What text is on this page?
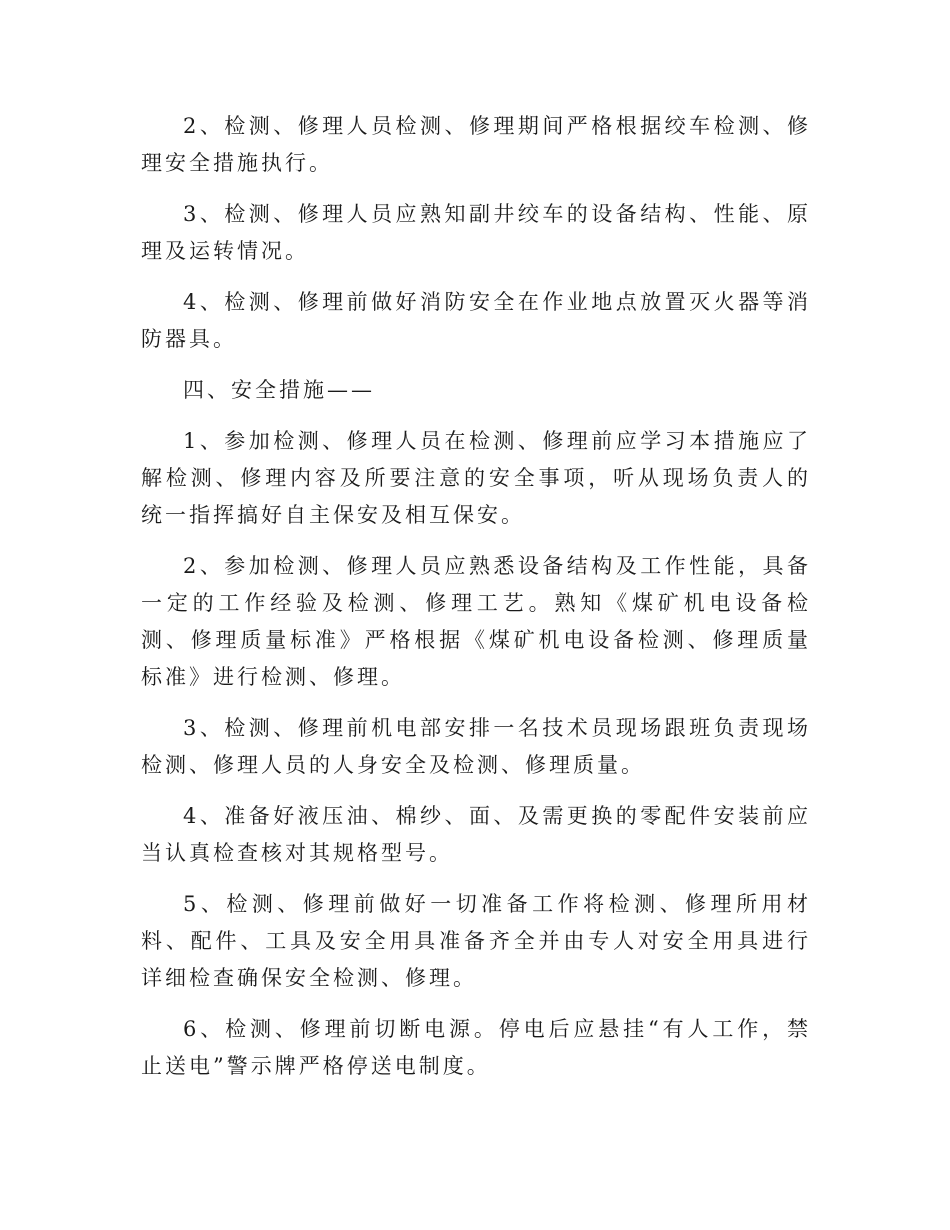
2、检测、修理人员检测、修理期间严格根据绞车检测、修理安全措施执行。

3、检测、修理人员应熟知副井绞车的设备结构、性能、原理及运转情况。

4、检测、修理前做好消防安全在作业地点放置灭火器等消防器具。

四、安全措施——

1、参加检测、修理人员在检测、修理前应学习本措施应了解检测、修理内容及所要注意的安全事项，听从现场负责人的统一指挥搞好自主保安及相互保安。

2、参加检测、修理人员应熟悉设备结构及工作性能，具备一定的工作经验及检测、修理工艺。熟知《煤矿机电设备检测、修理质量标准》严格根据《煤矿机电设备检测、修理质量标准》进行检测、修理。

3、检测、修理前机电部安排一名技术员现场跟班负责现场检测、修理人员的人身安全及检测、修理质量。

4、准备好液压油、棉纱、面、及需更换的零配件安装前应当认真检查核对其规格型号。

5、检测、修理前做好一切准备工作将检测、修理所用材料、配件、工具及安全用具准备齐全并由专人对安全用具进行详细检查确保安全检测、修理。

6、检测、修理前切断电源。停电后应悬挂“有人工作，禁止送电”警示牌严格停送电制度。
